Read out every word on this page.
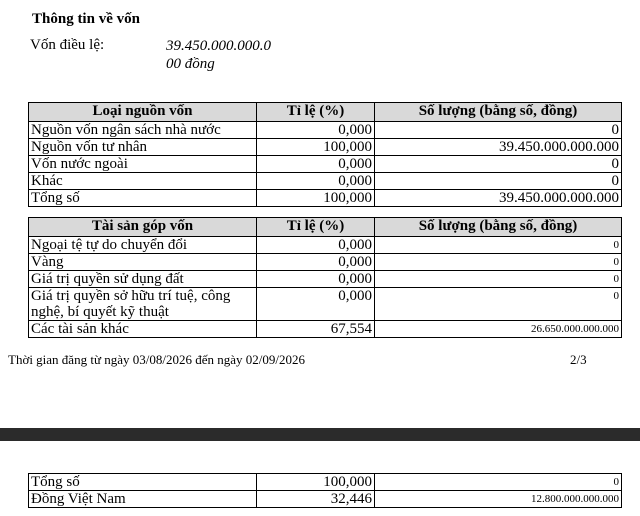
Thông tin về vốn
Vốn điều lệ:	39.450.000.000.0
00 đồng
Loại nguồn vốn	Tỉ lệ (%)	Số lượng (bằng số, đồng)
Nguồn vốn ngân sách nhà nước	0,000	0
Nguồn vốn tư nhân	100,000	39.450.000.000.000
Vốn nước ngoài	0,000	0
Khác	0,000	0
Tổng số	100,000	39.450.000.000.000
Tài sản góp vốn	Tỉ lệ (%)	Số lượng (bằng số, đồng)
Ngoại tệ tự do chuyển đổi	0,000	0
Vàng	0,000	0
Giá trị quyền sử dụng đất	0,000	0
Giá trị quyền sở hữu trí tuệ, công nghệ, bí quyết kỹ thuật	0,000	0
Các tài sản khác	67,554	26.650.000.000.000
Thời gian đăng từ ngày 03/08/2026 đến ngày 02/09/2026	2/3
Tổng số	100,000	0
Đồng Việt Nam	32,446	12.800.000.000.000
